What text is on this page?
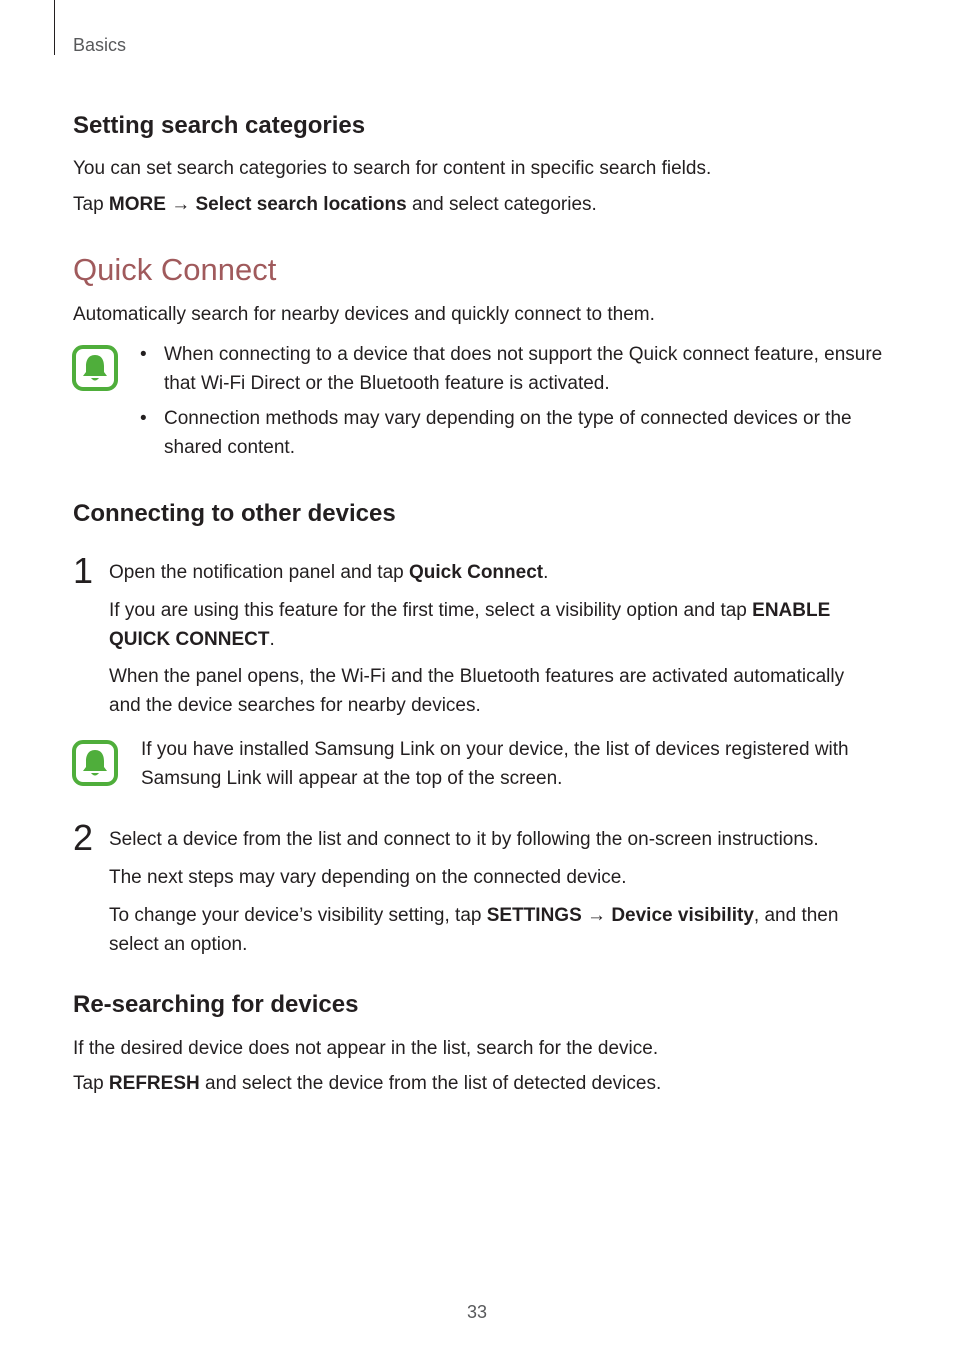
Basics
Setting search categories
You can set search categories to search for content in specific search fields.
Tap MORE → Select search locations and select categories.
Quick Connect
Automatically search for nearby devices and quickly connect to them.
• When connecting to a device that does not support the Quick connect feature, ensure that Wi-Fi Direct or the Bluetooth feature is activated.
• Connection methods may vary depending on the type of connected devices or the shared content.
Connecting to other devices
1 Open the notification panel and tap Quick Connect.
If you are using this feature for the first time, select a visibility option and tap ENABLE QUICK CONNECT.
When the panel opens, the Wi-Fi and the Bluetooth features are activated automatically and the device searches for nearby devices.
If you have installed Samsung Link on your device, the list of devices registered with Samsung Link will appear at the top of the screen.
2 Select a device from the list and connect to it by following the on-screen instructions.
The next steps may vary depending on the connected device.
To change your device’s visibility setting, tap SETTINGS → Device visibility, and then select an option.
Re-searching for devices
If the desired device does not appear in the list, search for the device.
Tap REFRESH and select the device from the list of detected devices.
33
